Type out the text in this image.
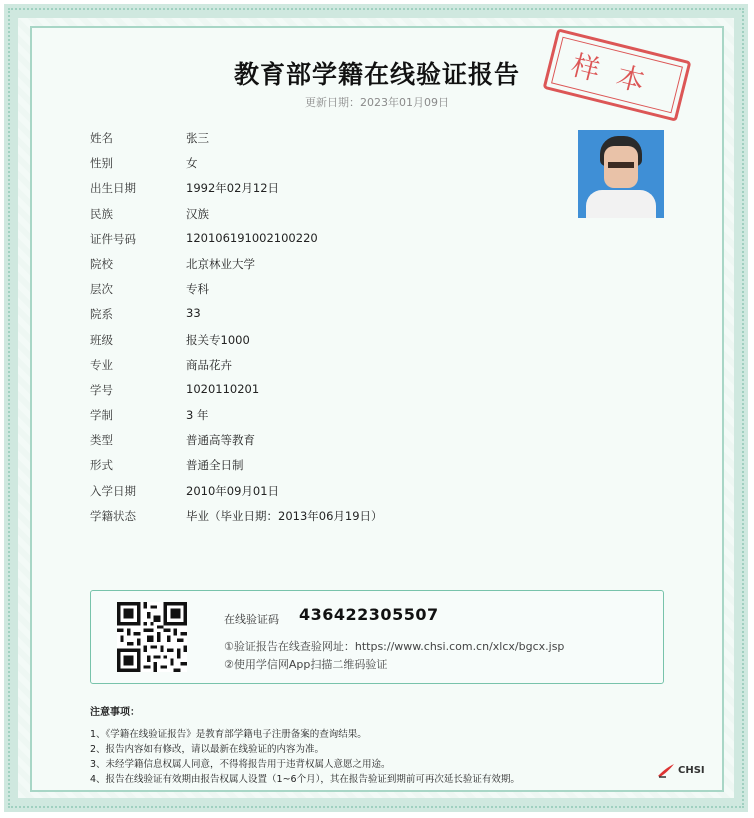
教育部学籍在线验证报告
更新日期：2023年01月09日	样本
姓名	张三
性别	女
出生日期	1992年02月12日
民族	汉族
证件号码	120106191002100220
院校	北京林业大学
层次	专科
院系	33
班级	报关专1000
专业	商品花卉
学号	1020110201
学制	3 年
类型	普通高等教育
形式	普通全日制
入学日期	2010年09月01日
学籍状态	毕业（毕业日期：2013年06月19日）
在线验证码 436422305507
①验证报告在线查验网址：https://www.chsi.com.cn/xlcx/bgcx.jsp
②使用学信网App扫描二维码验证
注意事项：
1、《学籍在线验证报告》是教育部学籍电子注册备案的查询结果。
2、报告内容如有修改，请以最新在线验证的内容为准。
3、未经学籍信息权属人同意，不得将报告用于违背权属人意愿之用途。
4、报告在线验证有效期由报告权属人设置（1~6个月），其在报告验证到期前可再次延长验证有效期。
CHSI
